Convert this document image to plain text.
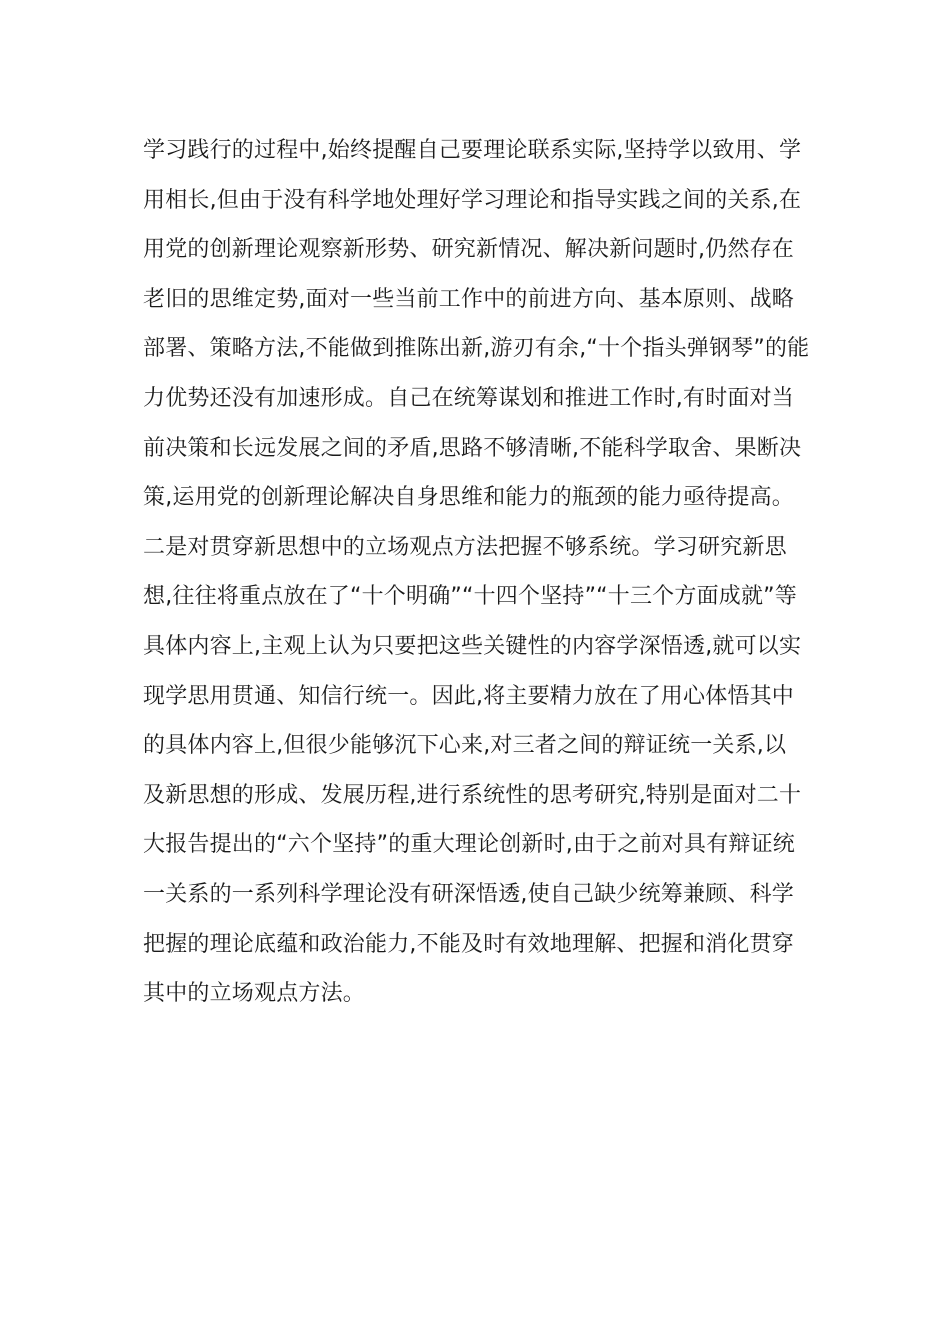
学习践行的过程中,始终提醒自己要理论联系实际,坚持学以致用、学
用相长,但由于没有科学地处理好学习理论和指导实践之间的关系,在
用党的创新理论观察新形势、研究新情况、解决新问题时,仍然存在
老旧的思维定势,面对一些当前工作中的前进方向、基本原则、战略
部署、策略方法,不能做到推陈出新,游刃有余,“十个指头弹钢琴”的能
力优势还没有加速形成。自己在统筹谋划和推进工作时,有时面对当
前决策和长远发展之间的矛盾,思路不够清晰,不能科学取舍、果断决
策,运用党的创新理论解决自身思维和能力的瓶颈的能力亟待提高。
二是对贯穿新思想中的立场观点方法把握不够系统。学习研究新思
想,往往将重点放在了“十个明确”“十四个坚持”“十三个方面成就”等
具体内容上,主观上认为只要把这些关键性的内容学深悟透,就可以实
现学思用贯通、知信行统一。因此,将主要精力放在了用心体悟其中
的具体内容上,但很少能够沉下心来,对三者之间的辩证统一关系,以
及新思想的形成、发展历程,进行系统性的思考研究,特别是面对二十
大报告提出的“六个坚持”的重大理论创新时,由于之前对具有辩证统
一关系的一系列科学理论没有研深悟透,使自己缺少统筹兼顾、科学
把握的理论底蕴和政治能力,不能及时有效地理解、把握和消化贯穿
其中的立场观点方法。
